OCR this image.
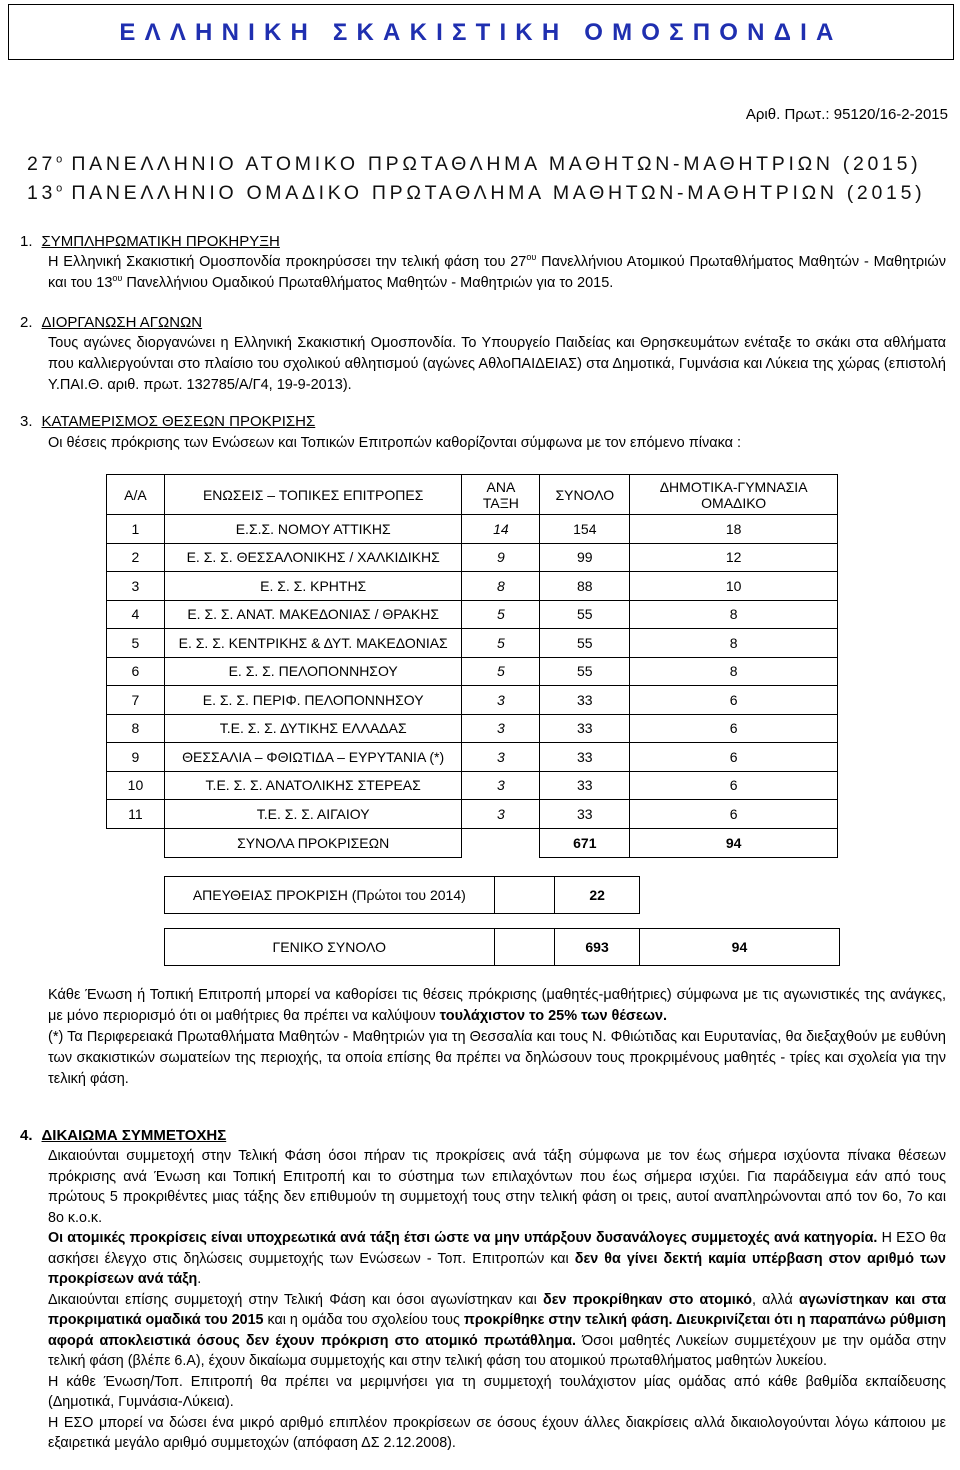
ΕΛΛΗΝΙΚΗ ΣΚΑΚΙΣΤΙΚΗ ΟΜΟΣΠΟΝΔΙΑ
Αριθ. Πρωτ.: 95120/16-2-2015
$27^o$ ΠΑΝΕΛΛΗΝΙΟ ΑΤΟΜΙΚΟ ΠΡΩΤΑΘΛΗΜΑ ΜΑΘΗΤΩΝ-ΜΑΘΗΤΡΙΩΝ (2015)
$13^o$ ΠΑΝΕΛΛΗΝΙΟ ΟΜΑΔΙΚΟ ΠΡΩΤΑΘΛΗΜΑ ΜΑΘΗΤΩΝ-ΜΑΘΗΤΡΙΩΝ (2015)
1. ΣΥΜΠΛΗΡΩΜΑΤΙΚΗ ΠΡΟΚΗΡΥΞΗ

Η Ελληνική Σκακιστική Ομοσπονδία προκηρύσσει την τελική φάση του $27^{o\upsilon}$ Πανελλήνιου Ατομικού Πρωταθλήματος Μαθητών - Μαθητριών και του $13^{o\upsilon}$ Πανελλήνιου Ομαδικού Πρωταθλήματος Μαθητών - Μαθητριών για το 2015.

2. ΔΙΟΡΓΑΝΩΣΗ ΑΓΩΝΩΝ

Τους αγώνες διοργανώνει η Ελληνική Σκακιστική Ομοσπονδία. Το Υπουργείο Παιδείας και Θρησκευμάτων ενέταξε το σκάκι στα αθλήματα που καλλιεργούνται στο πλαίσιο του σχολικού αθλητισμού (αγώνες ΑθλοΠΑΙΔΕΙΑΣ) στα Δημοτικά, Γυμνάσια και Λύκεια της χώρας (επιστολή Υ.ΠΑΙ.Θ. αριθ. πρωτ. 132785/Α/Γ4, 19-9-2013).

3. ΚΑΤΑΜΕΡΙΣΜΟΣ ΘΕΣΕΩΝ ΠΡΟΚΡΙΣΗΣ

Οι θέσεις πρόκρισης των Ενώσεων και Τοπικών Επιτροπών καθορίζονται σύμφωνα με τον επόμενο πίνακα :

Α/Α	ΕΝΩΣΕΙΣ – ΤΟΠΙΚΕΣ ΕΠΙΤΡΟΠΕΣ	ΑΝΑ
ΤΑΞΗ	ΣΥΝΟΛΟ	ΔΗΜΟΤΙΚΑ-ΓΥΜΝΑΣΙΑ
ΟΜΑΔΙΚΟ
1	Ε.Σ.Σ. ΝΟΜΟΥ ΑΤΤΙΚΗΣ	14	154	18
2	Ε. Σ. Σ. ΘΕΣΣΑΛΟΝΙΚΗΣ / ΧΑΛΚΙΔΙΚΗΣ	9	99	12
3	Ε. Σ. Σ. ΚΡΗΤΗΣ	8	88	10
4	Ε. Σ. Σ. ΑΝΑΤ. ΜΑΚΕΔΟΝΙΑΣ / ΘΡΑΚΗΣ	5	55	8
5	Ε. Σ. Σ. ΚΕΝΤΡΙΚΗΣ & ΔΥΤ. ΜΑΚΕΔΟΝΙΑΣ	5	55	8
6	Ε. Σ. Σ. ΠΕΛΟΠΟΝΝΗΣΟΥ	5	55	8
7	Ε. Σ. Σ. ΠΕΡΙΦ. ΠΕΛΟΠΟΝΝΗΣΟΥ	3	33	6
8	Τ.Ε. Σ. Σ. ΔΥΤΙΚΗΣ ΕΛΛΑΔΑΣ	3	33	6
9	ΘΕΣΣΑΛΙΑ – ΦΘΙΩΤΙΔΑ – ΕΥΡΥΤΑΝΙΑ (*)	3	33	6
10	Τ.Ε. Σ. Σ. ΑΝΑΤΟΛΙΚΗΣ ΣΤΕΡΕΑΣ	3	33	6
11	Τ.Ε. Σ. Σ. ΑΙΓΑΙΟΥ	3	33	6
	ΣΥΝΟΛΑ ΠΡΟΚΡΙΣΕΩΝ		671	94
ΑΠΕΥΘΕΙΑΣ ΠΡΟΚΡΙΣΗ (Πρώτοι του 2014)	22
ΓΕΝΙΚΟ ΣΥΝΟΛΟ	693	94

Κάθε Ένωση ή Τοπική Επιτροπή μπορεί να καθορίσει τις θέσεις πρόκρισης (μαθητές-μαθήτριες) σύμφωνα με τις αγωνιστικές της ανάγκες, με μόνο περιορισμό ότι οι μαθήτριες θα πρέπει να καλύψουν τουλάχιστον το 25% των θέσεων.

(*) Τα Περιφερειακά Πρωταθλήματα Μαθητών - Μαθητριών για τη Θεσσαλία και τους Ν. Φθιώτιδας και Ευρυτανίας, θα διεξαχθούν με ευθύνη των σκακιστικών σωματείων της περιοχής, τα οποία επίσης θα πρέπει να δηλώσουν τους προκριμένους μαθητές - τρίες και σχολεία για την τελική φάση.

4. ΔΙΚΑΙΩΜΑ ΣΥΜΜΕΤΟΧΗΣ

Δικαιούνται συμμετοχή στην Τελική Φάση όσοι πήραν τις προκρίσεις ανά τάξη σύμφωνα με τον έως σήμερα ισχύοντα πίνακα θέσεων πρόκρισης ανά Ένωση και Τοπική Επιτροπή και το σύστημα των επιλαχόντων που έως σήμερα ισχύει. Για παράδειγμα εάν από τους πρώτους 5 προκριθέντες μιας τάξης δεν επιθυμούν τη συμμετοχή τους στην τελική φάση οι τρεις, αυτοί αναπληρώνονται από τον 6ο, 7ο και 8ο κ.ο.κ.

Οι ατομικές προκρίσεις είναι υποχρεωτικά ανά τάξη έτσι ώστε να μην υπάρξουν δυσανάλογες συμμετοχές ανά κατηγορία. Η ΕΣΟ θα ασκήσει έλεγχο στις δηλώσεις συμμετοχής των Ενώσεων - Τοπ. Επιτροπών και δεν θα γίνει δεκτή καμία υπέρβαση στον αριθμό των προκρίσεων ανά τάξη.

Δικαιούνται επίσης συμμετοχή στην Τελική Φάση και όσοι αγωνίστηκαν και δεν προκρίθηκαν στο ατομικό, αλλά αγωνίστηκαν και στα προκριματικά ομαδικά του 2015 και η ομάδα του σχολείου τους προκρίθηκε στην τελική φάση. Διευκρινίζεται ότι η παραπάνω ρύθμιση αφορά αποκλειστικά όσους δεν έχουν πρόκριση στο ατομικό πρωτάθλημα. Όσοι μαθητές Λυκείων συμμετέχουν με την ομάδα στην τελική φάση (βλέπε 6.Α), έχουν δικαίωμα συμμετοχής και στην τελική φάση του ατομικού πρωταθλήματος μαθητών λυκείου.

Η κάθε Ένωση/Τοπ. Επιτροπή θα πρέπει να μεριμνήσει για τη συμμετοχή τουλάχιστον μίας ομάδας από κάθε βαθμίδα εκπαίδευσης (Δημοτικά, Γυμνάσια-Λύκεια).

Η ΕΣΟ μπορεί να δώσει ένα μικρό αριθμό επιπλέον προκρίσεων σε όσους έχουν άλλες διακρίσεις αλλά δικαιολογούνται λόγω κάποιου με εξαιρετικά μεγάλο αριθμό συμμετοχών (απόφαση ΔΣ 2.12.2008).
